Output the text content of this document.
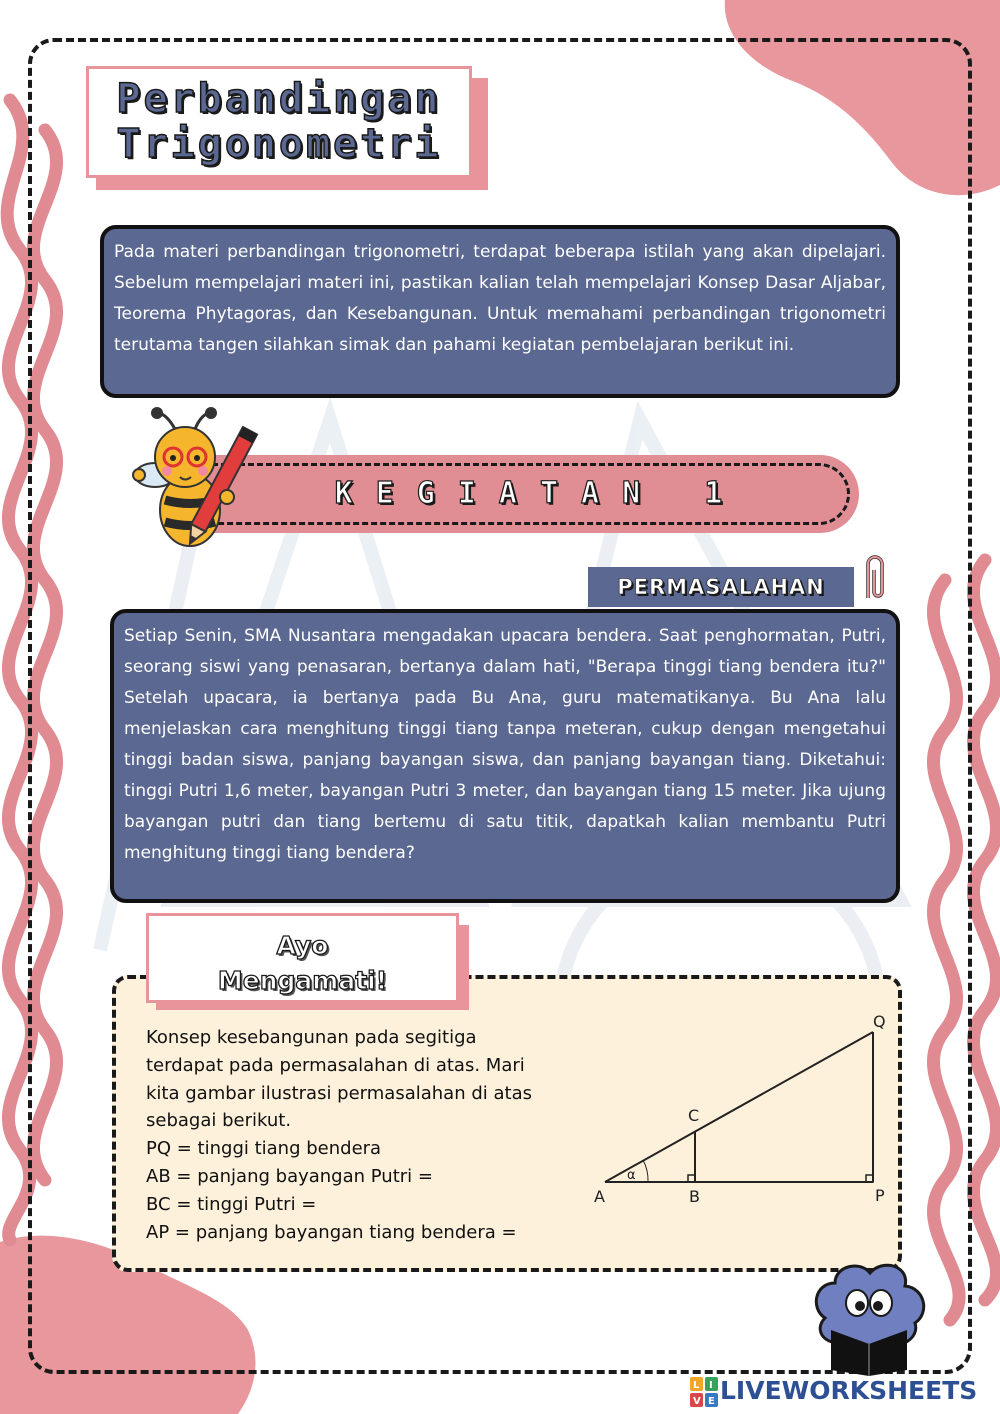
Perbandingan
Trigonometri
Pada materi perbandingan trigonometri, terdapat beberapa istilah yang akan dipelajari. Sebelum mempelajari materi ini, pastikan kalian telah mempelajari Konsep Dasar Aljabar, Teorema Phytagoras, dan Kesebangunan. Untuk memahami perbandingan trigonometri terutama tangen silahkan simak dan pahami kegiatan pembelajaran berikut ini.
KEGIATAN 1
PERMASALAHAN
Setiap Senin, SMA Nusantara mengadakan upacara bendera. Saat penghormatan, Putri, seorang siswi yang penasaran, bertanya dalam hati, "Berapa tinggi tiang bendera itu?" Setelah upacara, ia bertanya pada Bu Ana, guru matematikanya. Bu Ana lalu menjelaskan cara menghitung tinggi tiang tanpa meteran, cukup dengan mengetahui tinggi badan siswa, panjang bayangan siswa, dan panjang bayangan tiang. Diketahui: tinggi Putri 1,6 meter, bayangan Putri 3 meter, dan bayangan tiang 15 meter. Jika ujung bayangan putri dan tiang bertemu di satu titik, dapatkah kalian membantu Putri menghitung tinggi tiang bendera?
Ayo
Mengamati!
Konsep kesebangunan pada segitiga
terdapat pada permasalahan di atas. Mari
kita gambar ilustrasi permasalahan di atas
sebagai berikut.
PQ = tinggi tiang bendera
AB = panjang bayangan Putri =
BC = tinggi Putri =
AP = panjang bayangan tiang bendera =
α
A	B
C
P
Q
L I
V E LIVEWORKSHEETS
